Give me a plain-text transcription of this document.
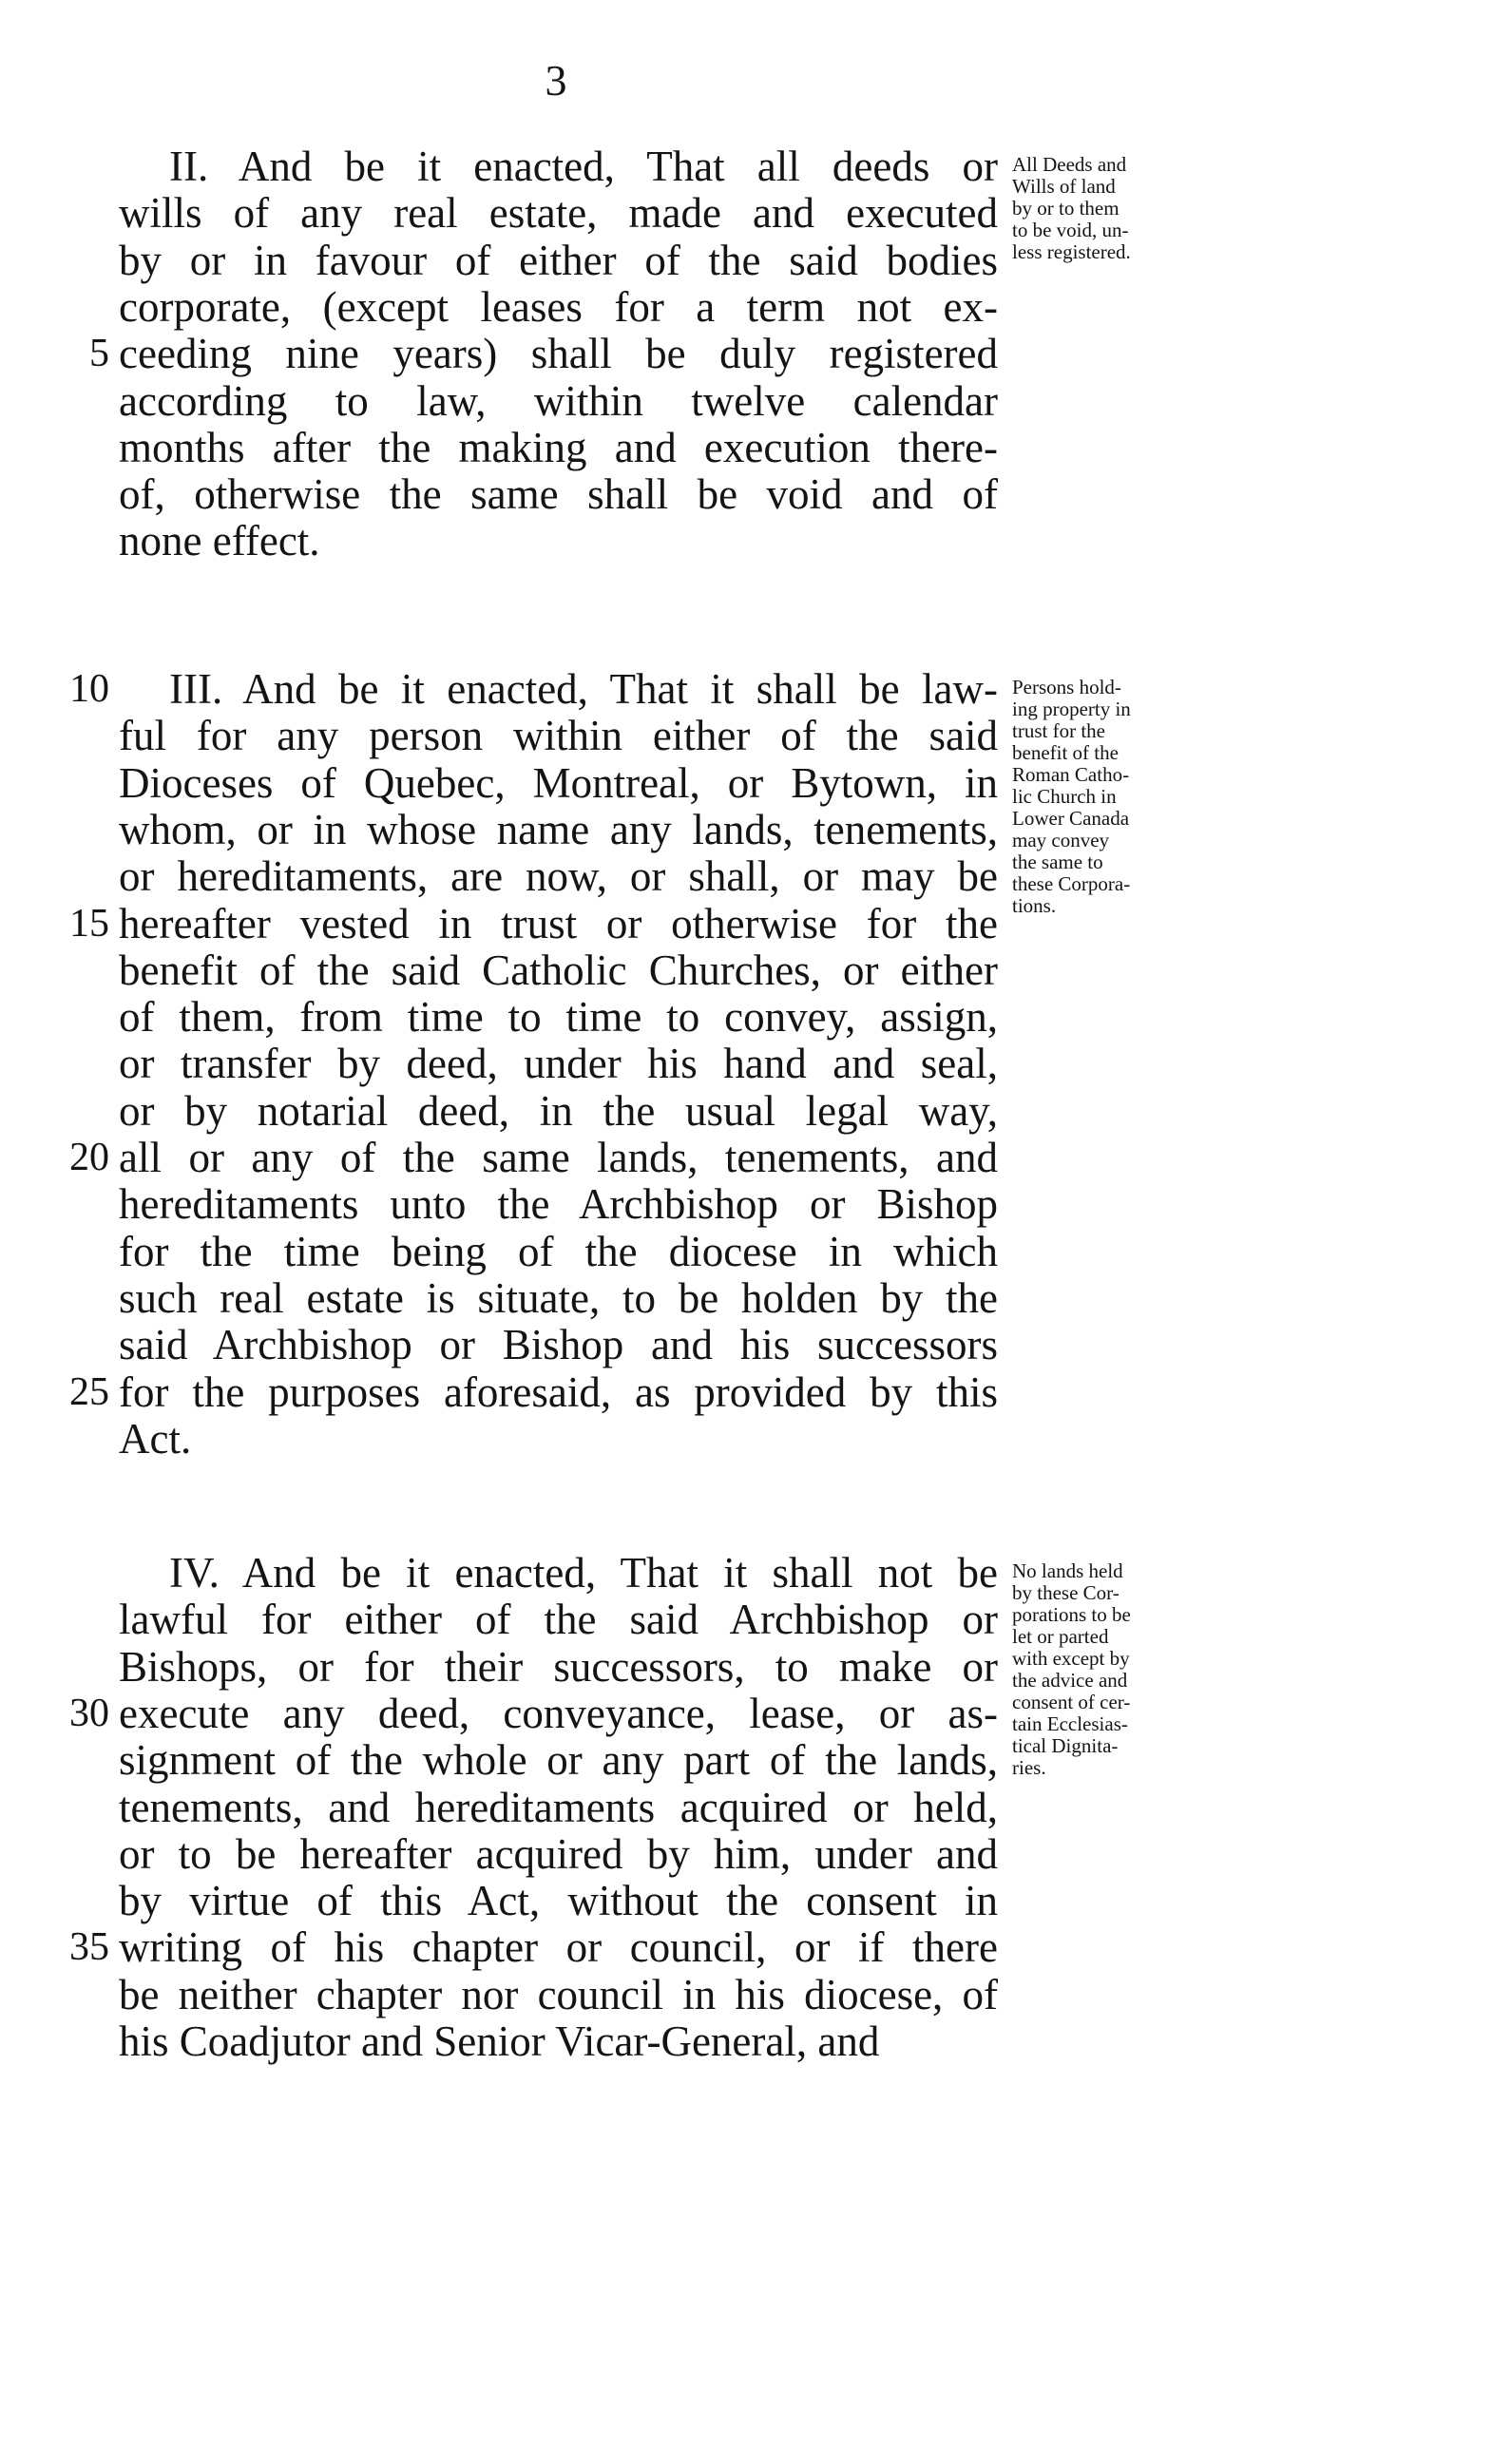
3
II. And be it enacted, That all deeds or
wills of any real estate, made and executed
by or in favour of either of the said bodies
corporate, (except leases for a term not ex-
ceeding nine years) shall be duly registered
5
according to law, within twelve calendar
months after the making and execution there-
of, otherwise the same shall be void and of
none effect.
All Deeds and
Wills of land
by or to them
to be void, un-
less registered.
III. And be it enacted, That it shall be law-
10
ful for any person within either of the said
Dioceses of Quebec, Montreal, or Bytown, in
whom, or in whose name any lands, tenements,
or hereditaments, are now, or shall, or may be
hereafter vested in trust or otherwise for the
15
benefit of the said Catholic Churches, or either
of them, from time to time to convey, assign,
or transfer by deed, under his hand and seal,
or by notarial deed, in the usual legal way,
all or any of the same lands, tenements, and
20
hereditaments unto the Archbishop or Bishop
for the time being of the diocese in which
such real estate is situate, to be holden by the
said Archbishop or Bishop and his successors
for the purposes aforesaid, as provided by this
25
Act.
Persons hold-
ing property in
trust for the
benefit of the
Roman Catho-
lic Church in
Lower Canada
may convey
the same to
these Corpora-
tions.
IV. And be it enacted, That it shall not be
lawful for either of the said Archbishop or
Bishops, or for their successors, to make or
execute any deed, conveyance, lease, or as-
30
signment of the whole or any part of the lands,
tenements, and hereditaments acquired or held,
or to be hereafter acquired by him, under and
by virtue of this Act, without the consent in
writing of his chapter or council, or if there
35
be neither chapter nor council in his diocese, of
his Coadjutor and Senior Vicar-General, and
No lands held
by these Cor-
porations to be
let or parted
with except by
the advice and
consent of cer-
tain Ecclesias-
tical Dignita-
ries.
